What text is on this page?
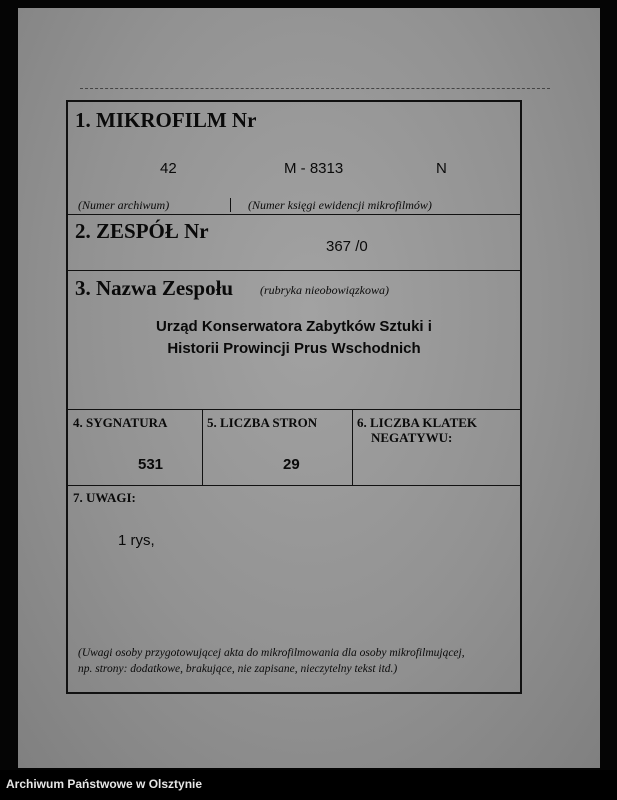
1. MIKROFILM Nr
42	M - 8313	N
(Numer archiwum)	(Numer księgi ewidencji mikrofilmów)
2. ZESPÓŁ Nr
367 /0
3. Nazwa Zespołu (rubryka nieobowiązkowa)
Urząd Konserwatora Zabytków Sztuki i
Historii Prowincji Prus Wschodnich
4. SYGNATURA
531
5. LICZBA STRON
29
6. LICZBA KLATEK
NEGATYWU:
7. UWAGI:
1 rys,
(Uwagi osoby przygotowującej akta do mikrofilmowania dla osoby mikrofilmującej,
np. strony: dodatkowe, brakujące, nie zapisane, nieczytelny tekst itd.)
Archiwum Państwowe w Olsztynie
